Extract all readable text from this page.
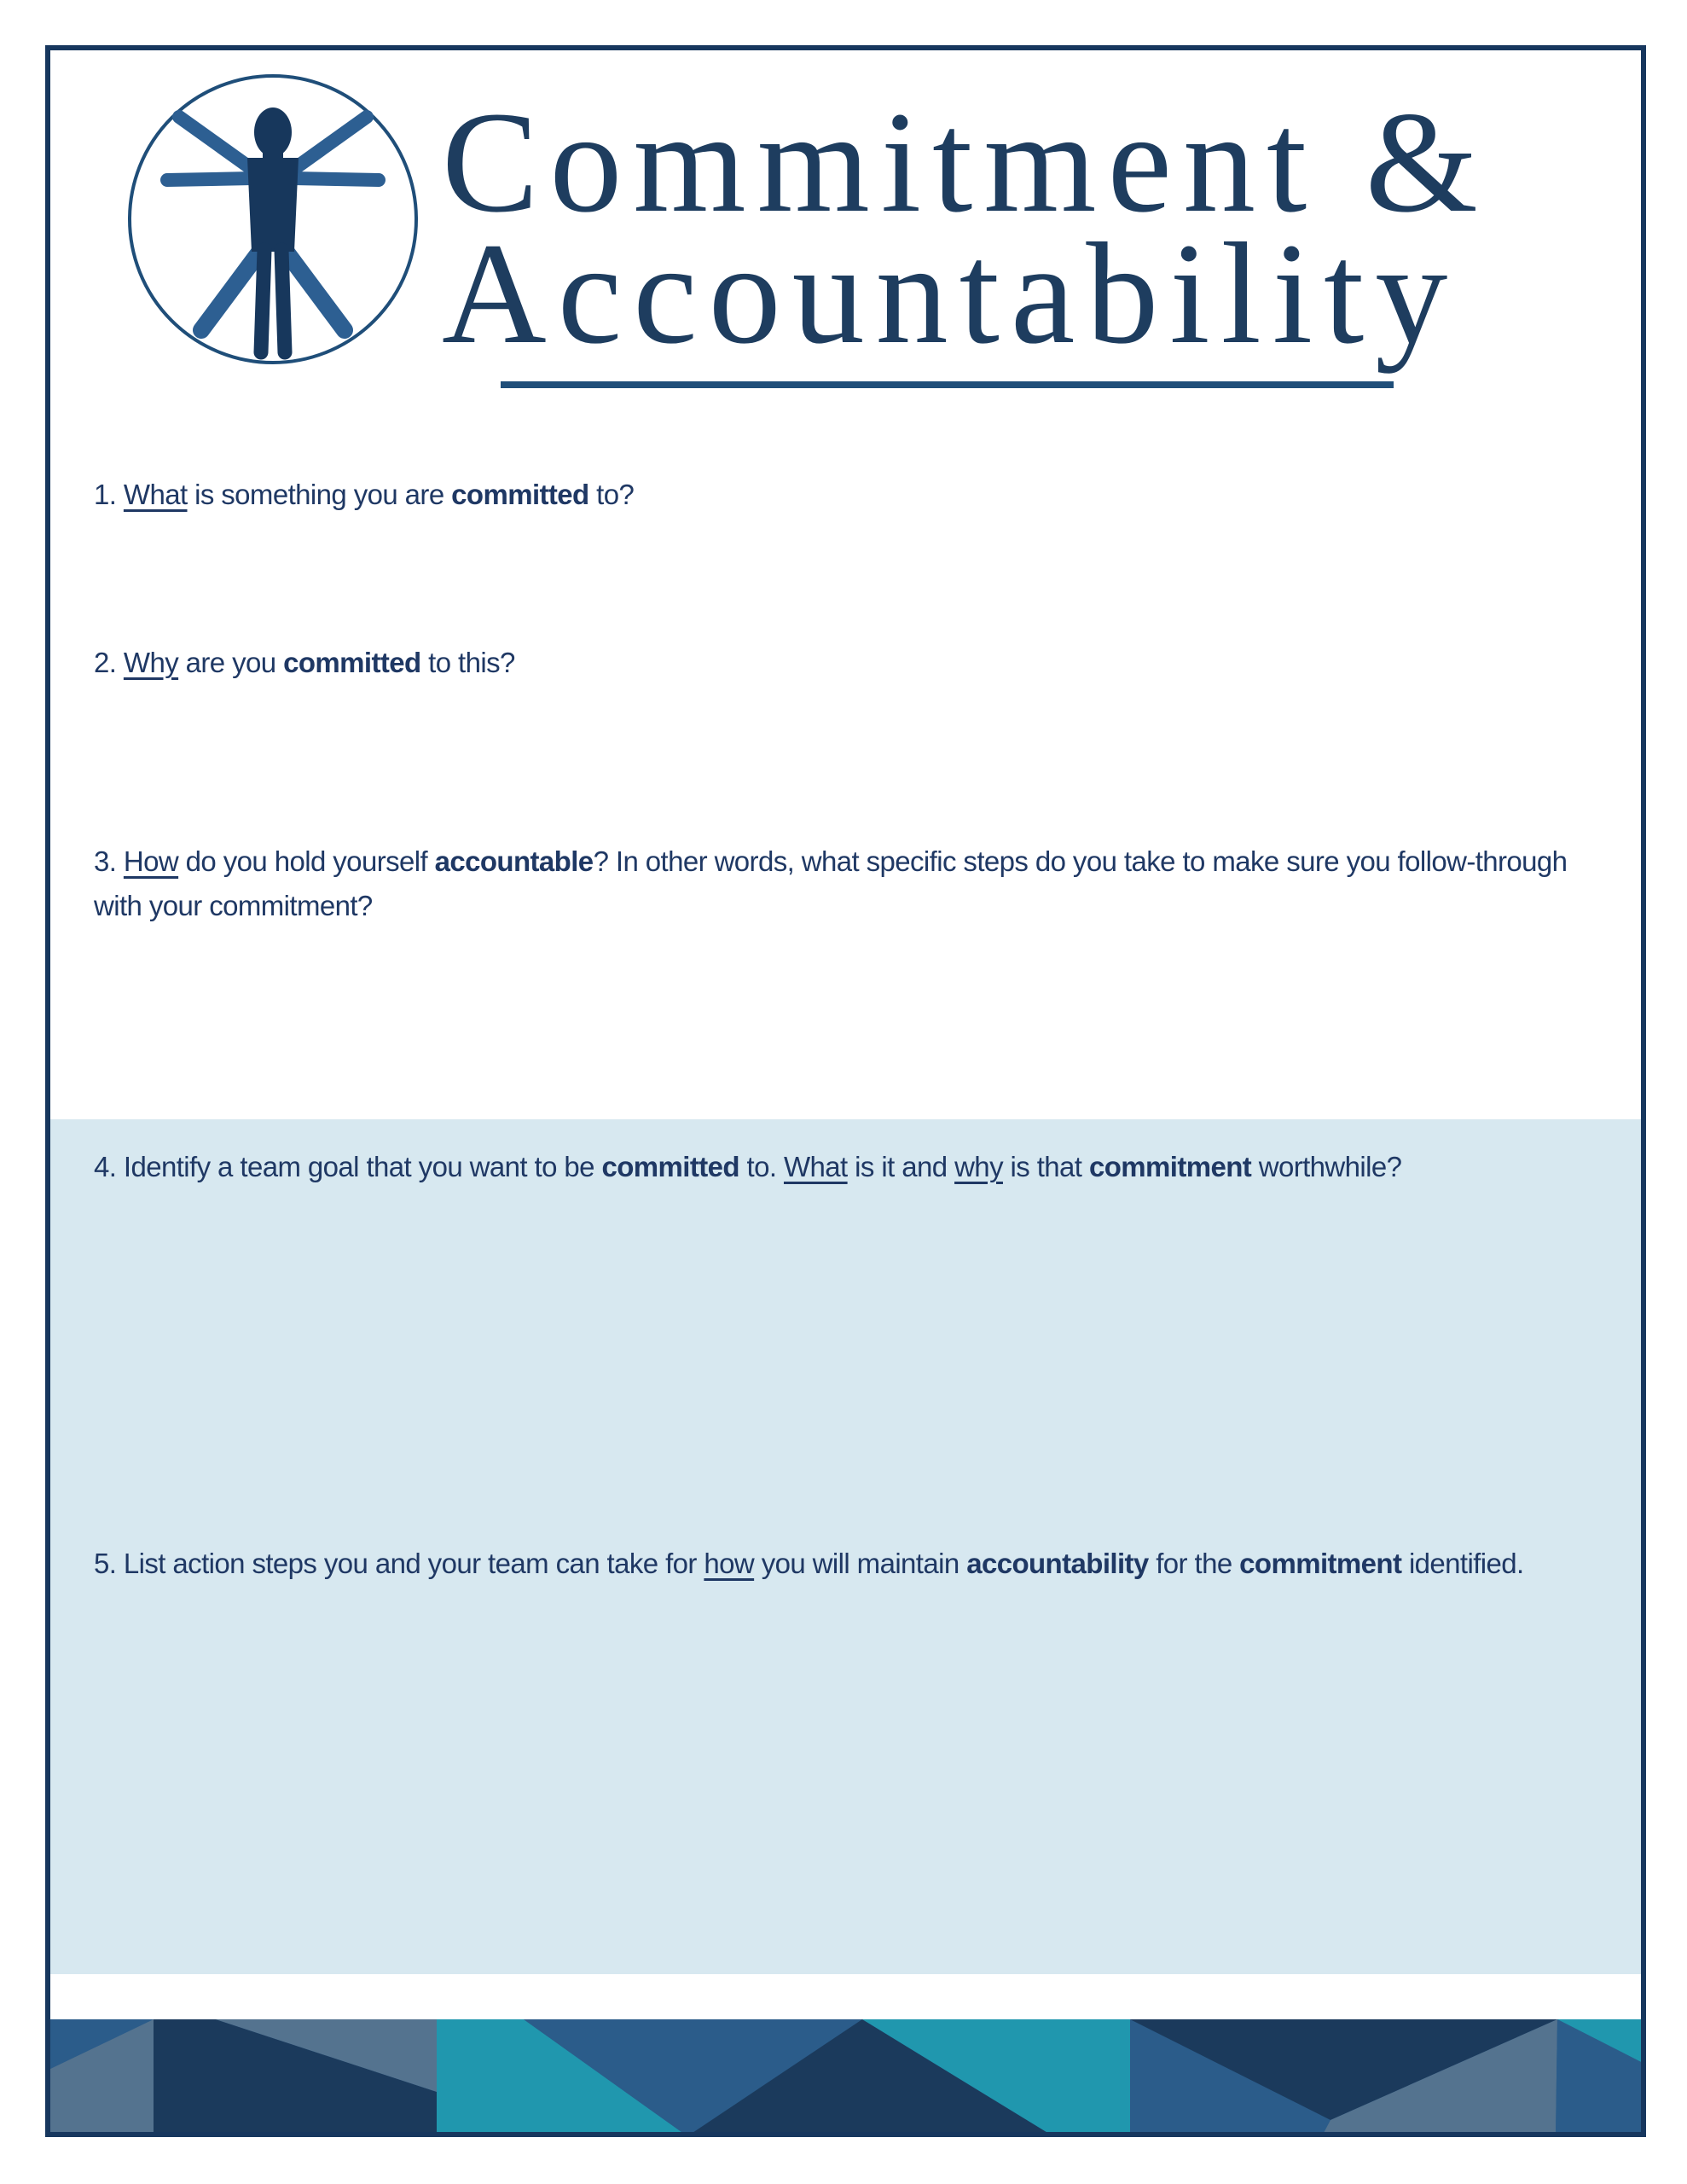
Commitment &
Accountability
1. What is something you are committed to?
2. Why are you committed to this?
3. How do you hold yourself accountable? In other words, what specific steps do you take to make sure you follow-through
with your commitment?
4. Identify a team goal that you want to be committed to. What is it and why is that commitment worthwhile?
5. List action steps you and your team can take for how you will maintain accountability for the commitment identified.
